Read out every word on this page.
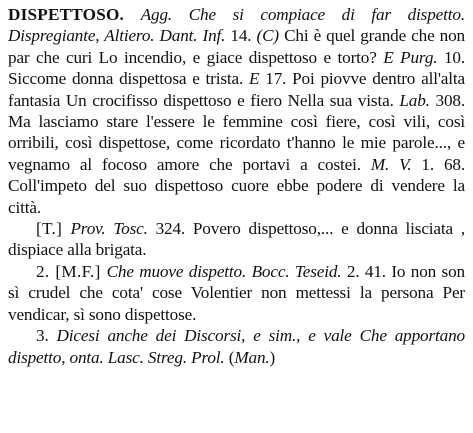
DISPETTOSO. Agg. Che si compiace di far dispetto. Dispregiante, Altiero. Dant. Inf. 14. (C) Chi è quel grande che non par che curi Lo incendio, e giace dispettoso e torto? E Purg. 10. Siccome donna dispettosa e trista. E 17. Poi piovve dentro all'alta fantasia Un crocifisso dispettoso e fiero Nella sua vista. Lab. 308. Ma lasciamo stare l'essere le femmine così fiere, così vili, così orribili, così dispettose, come ricordato t'hanno le mie parole..., e vegnamo al focoso amore che portavi a costei. M. V. 1. 68. Coll'impeto del suo dispettoso cuore ebbe podere di vendere la città.

[T.] Prov. Tosc. 324. Povero dispettoso,... e donna lisciata , dispiace alla brigata.

2. [M.F.] Che muove dispetto. Bocc. Teseid. 2. 41. Io non son sì crudel che cota' cose Volentier non mettessi la persona Per vendicar, sì sono dispettose.

3. Dicesi anche dei Discorsi, e sim., e vale Che apportano dispetto, onta. Lasc. Streg. Prol. (Man.)
